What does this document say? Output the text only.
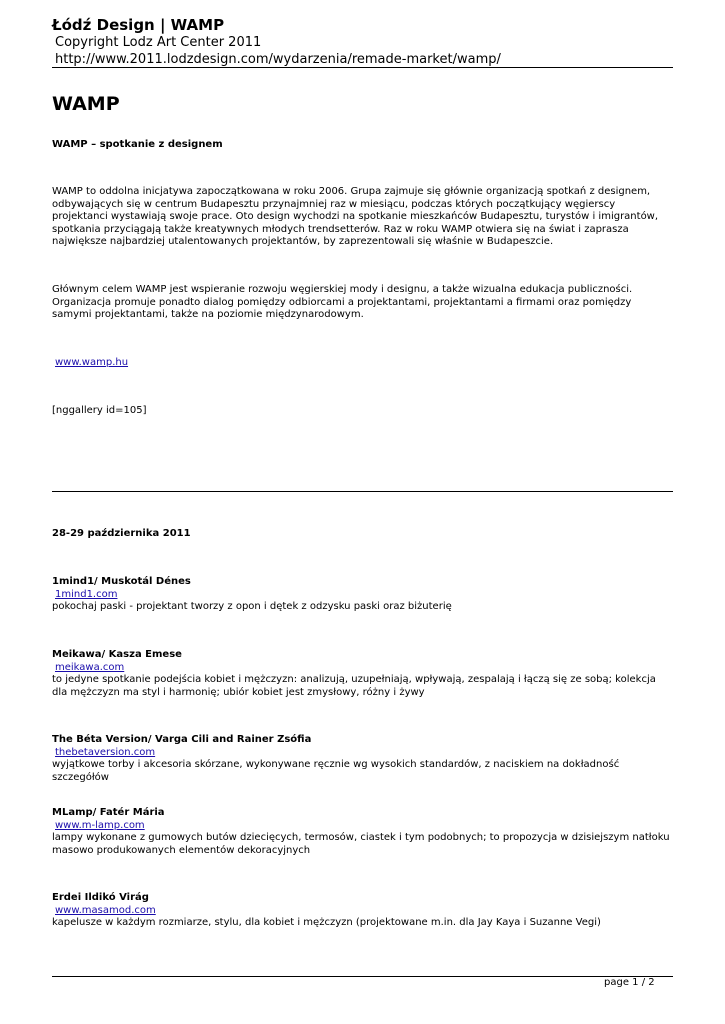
Łódź Design | WAMP
Copyright Lodz Art Center 2011
http://www.2011.lodzdesign.com/wydarzenia/remade-market/wamp/
WAMP

WAMP – spotkanie z designem

WAMP to oddolna inicjatywa zapoczątkowana w roku 2006. Grupa zajmuje się głównie organizacją spotkań z designem, odbywających się w centrum Budapesztu przynajmniej raz w miesiącu, podczas których początkujący węgierscy projektanci wystawiają swoje prace. Oto design wychodzi na spotkanie mieszkańców Budapesztu, turystów i imigrantów, spotkania przyciągają także kreatywnych młodych trendsetterów. Raz w roku WAMP otwiera się na świat i zaprasza największe najbardziej utalentowanych projektantów, by zaprezentowali się właśnie w Budapeszcie.

Głównym celem WAMP jest wspieranie rozwoju węgierskiej mody i designu, a także wizualna edukacja publiczności. Organizacja promuje ponadto dialog pomiędzy odbiorcami a projektantami, projektantami a firmami oraz pomiędzy samymi projektantami, także na poziomie międzynarodowym.

www.wamp.hu

[nggallery id=105]

28-29 października 2011

1mind1/ Muskotál Dénes
1mind1.com
pokochaj paski - projektant tworzy z opon i dętek z odzysku paski oraz biżuterię
Meikawa/ Kasza Emese
meikawa.com
to jedyne spotkanie podejścia kobiet i mężczyzn: analizują, uzupełniają, wpływają, zespalają i łączą się ze sobą; kolekcja dla mężczyzn ma styl i harmonię; ubiór kobiet jest zmysłowy, różny i żywy
The Béta Version/ Varga Cili and Rainer Zsófia
thebetaversion.com
wyjątkowe torby i akcesoria skórzane, wykonywane ręcznie wg wysokich standardów, z naciskiem na dokładność szczegółów
MLamp/ Fatér Mária
www.m-lamp.com
lampy wykonane z gumowych butów dziecięcych, termosów, ciastek i tym podobnych; to propozycja w dzisiejszym natłoku masowo produkowanych elementów dekoracyjnych
Erdei Ildikó Virág
www.masamod.com
kapelusze w każdym rozmiarze, stylu, dla kobiet i mężczyzn (projektowane m.in. dla Jay Kaya i Suzanne Vegi)
page 1 / 2
